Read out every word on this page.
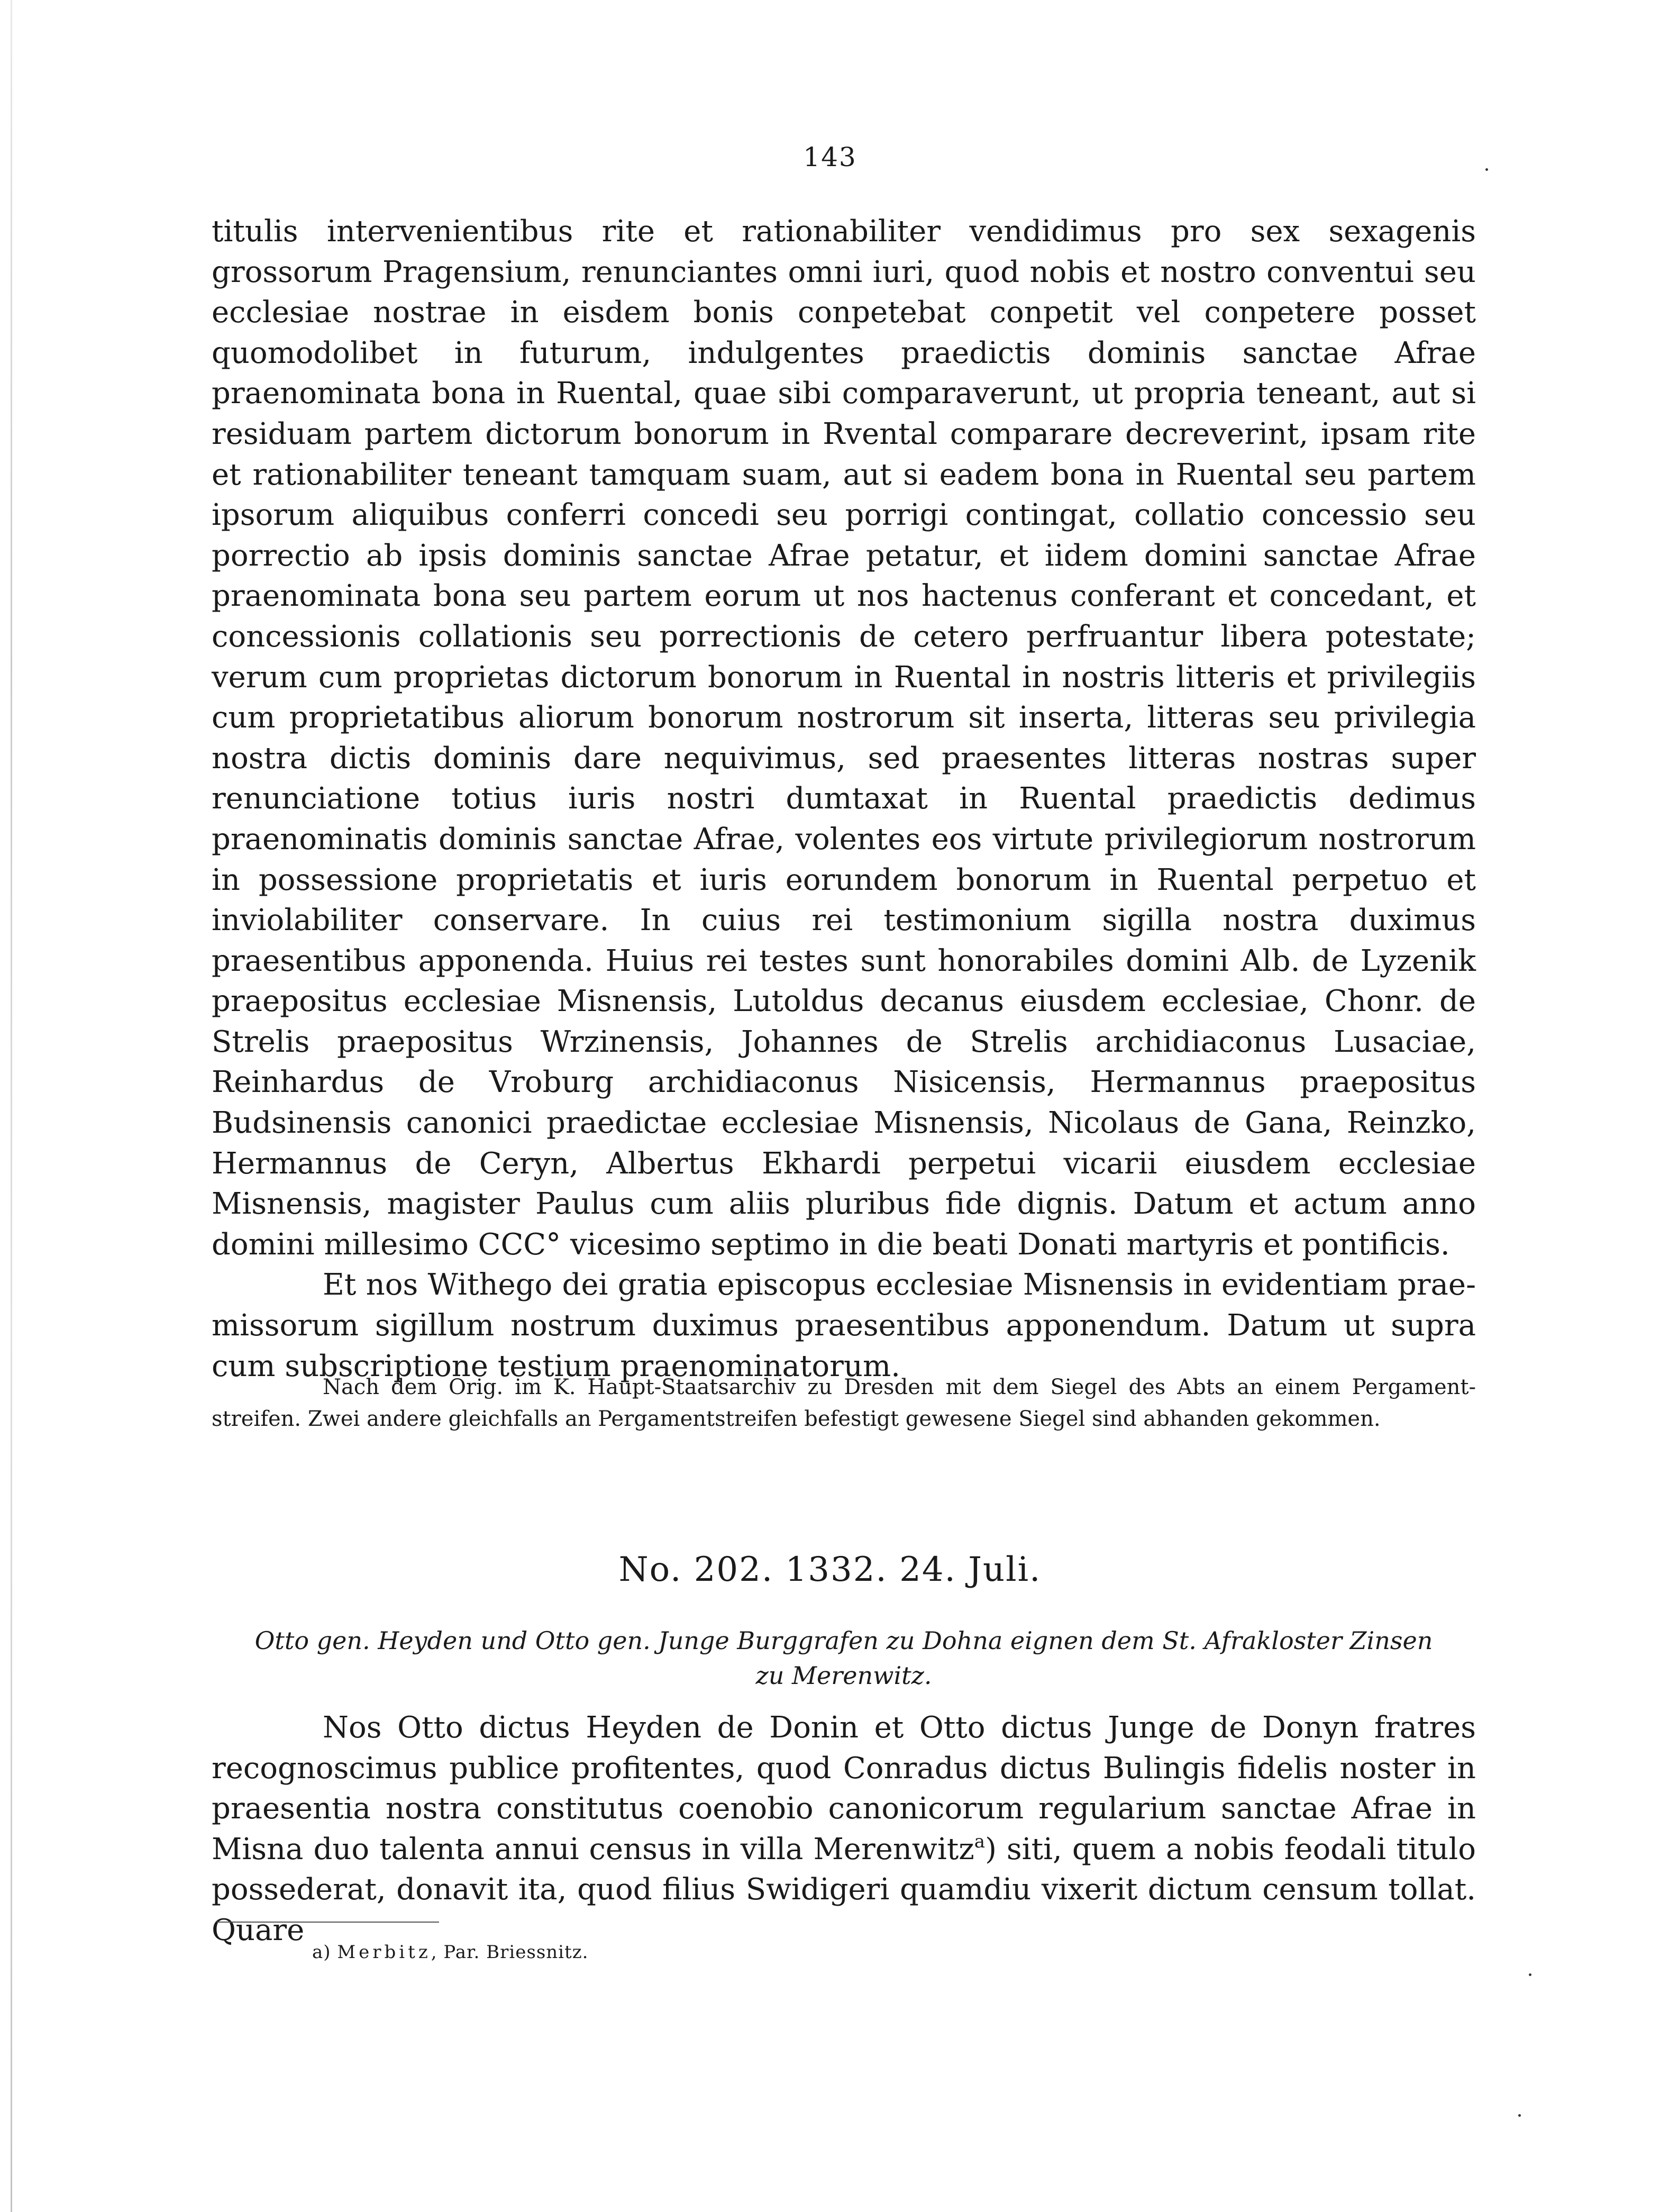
143

titulis intervenientibus rite et rationabiliter vendidimus pro sex sexagenis grossorum Pragensium, renunciantes omni iuri, quod nobis et nostro conventui seu ecclesiae nostrae in eisdem bonis conpetebat conpetit vel conpetere posset quomodolibet in futurum, indulgentes praedictis dominis sanctae Afrae praenominata bona in Ruental, quae sibi comparaverunt, ut propria teneant, aut si residuam partem dictorum bonorum in Rvental comparare decreverint, ipsam rite et rationabiliter teneant tamquam suam, aut si eadem bona in Ruental seu partem ipsorum aliquibus conferri concedi seu porrigi contingat, collatio concessio seu porrectio ab ipsis dominis sanctae Afrae petatur, et iidem domini sanctae Afrae praenominata bona seu partem eorum ut nos hactenus conferant et concedant, et concessionis collationis seu porrectionis de cetero perfruantur libera potestate; verum cum proprietas dictorum bonorum in Ruental in nostris litteris et privilegiis cum proprietatibus aliorum bonorum nostrorum sit inserta, litteras seu privilegia nostra dictis dominis dare nequivimus, sed praesentes litteras nostras super renunciatione totius iuris nostri dumtaxat in Ruental praedictis dedimus praenominatis dominis sanctae Afrae, volentes eos virtute privilegiorum nostrorum in possessione proprietatis et iuris eorundem bonorum in Ruental perpetuo et inviolabiliter conservare. In cuius rei testimonium sigilla nostra duximus praesentibus apponenda. Huius rei testes sunt honorabiles domini Alb. de Lyzenik praepositus ecclesiae Misnensis, Lutoldus decanus eiusdem ecclesiae, Chonr. de Strelis praepositus Wrzinensis, Johannes de Strelis archidiaconus Lusaciae, Reinhardus de Vroburg archidiaconus Nisicensis, Hermannus praepositus Budsinensis canonici praedictae ecclesiae Misnensis, Nicolaus de Gana, Reinzko, Hermannus de Ceryn, Albertus Ekhardi perpetui vicarii eiusdem ecclesiae Misnensis, magister Paulus cum aliis pluribus fide dignis. Datum et actum anno domini millesimo CCC° vicesimo septimo in die beati Donati martyris et pontificis.

Et nos Withego dei gratia episcopus ecclesiae Misnensis in evidentiam praemissorum sigillum nostrum duximus praesentibus apponendum. Datum ut supra cum subscriptione testium praenominatorum.

Nach dem Orig. im K. Haupt-Staatsarchiv zu Dresden mit dem Siegel des Abts an einem Pergamentstreifen. Zwei andere gleichfalls an Pergamentstreifen befestigt gewesene Siegel sind abhanden gekommen.
No. 202. 1332. 24. Juli.
Otto gen. Heyden und Otto gen. Junge Burggrafen zu Dohna eignen dem St. Afrakloster Zinsen zu Merenwitz.
Nos Otto dictus Heyden de Donin et Otto dictus Junge de Donyn fratres recognoscimus publice profitentes, quod Conradus dictus Bulingis fidelis noster in praesentia nostra constitutus coenobio canonicorum regularium sanctae Afrae in Misna duo talenta annui census in villa Merenwitz$^a$) siti, quem a nobis feodali titulo possederat, donavit ita, quod filius Swidigeri quamdiu vixerit dictum censum tollat. Quare
a) Merbitz, Par. Briessnitz.
